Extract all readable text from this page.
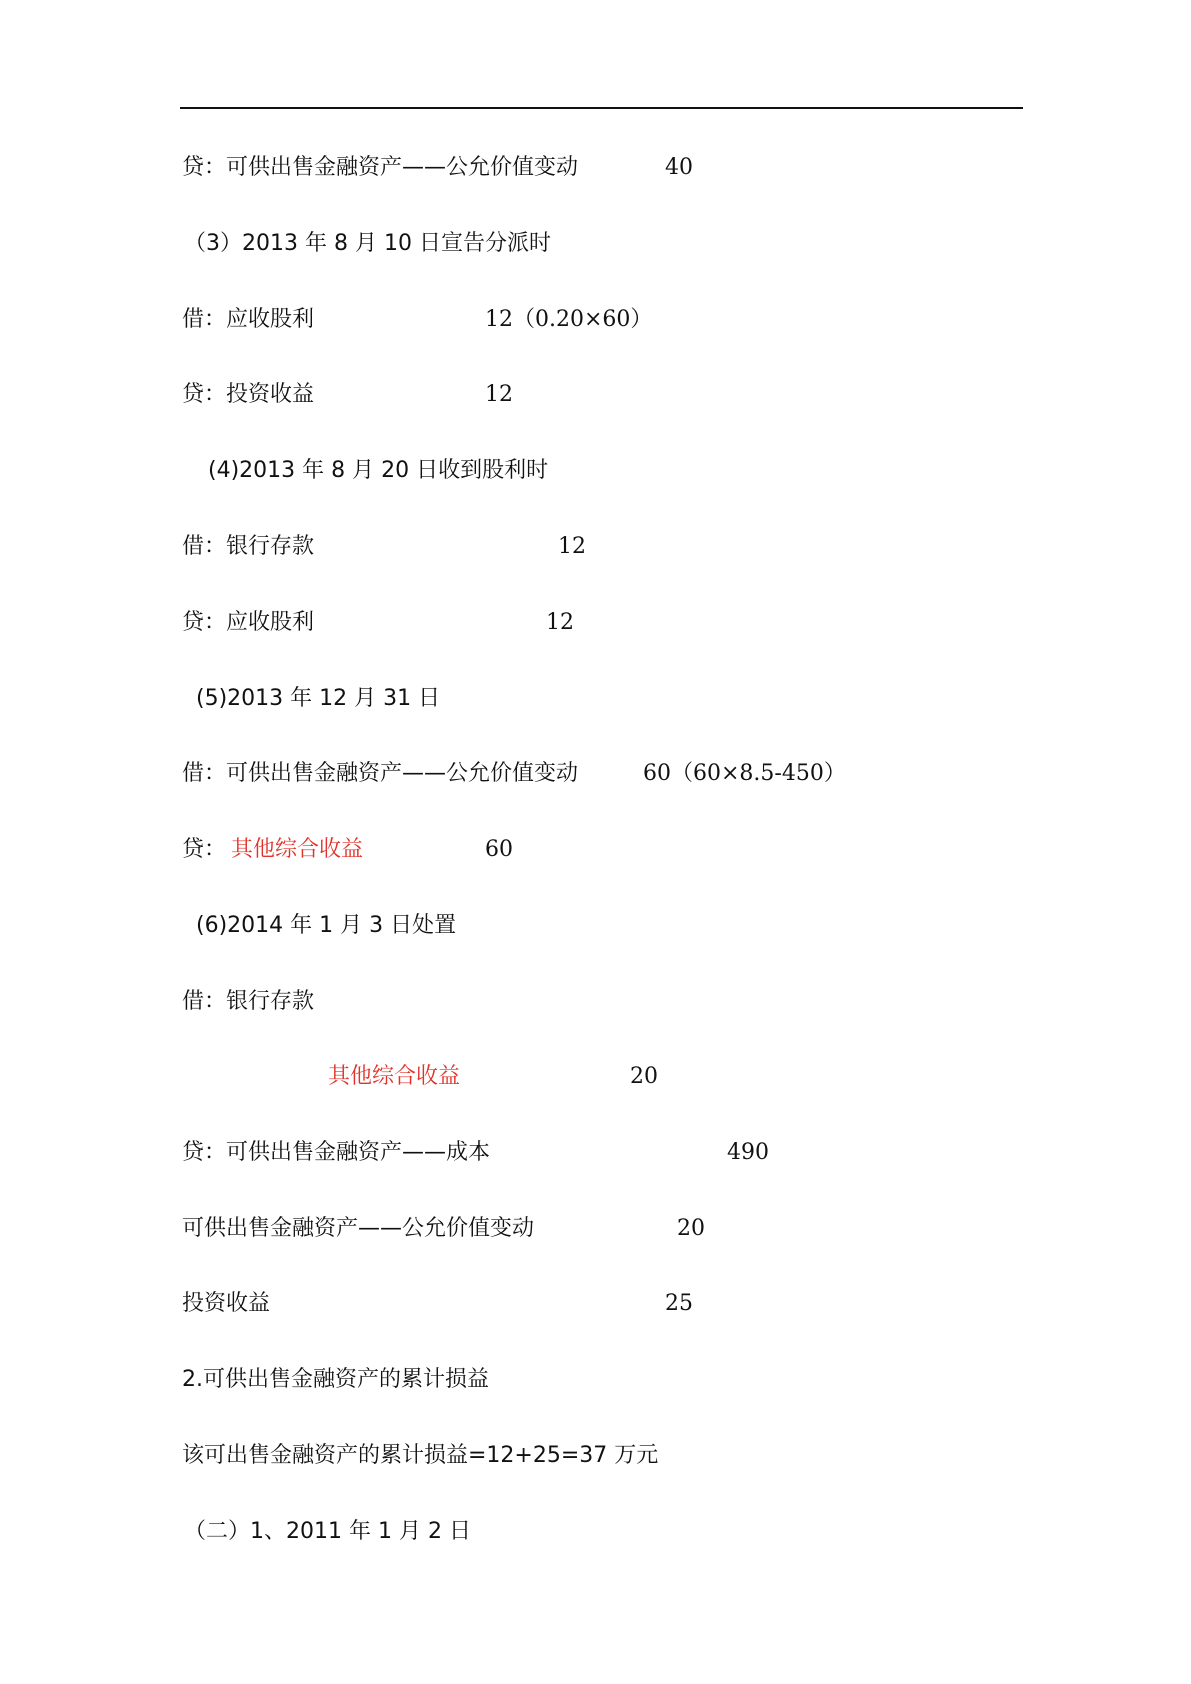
贷：可供出售金融资产——公允价值变动	40
（3）2013 年 8 月 10 日宣告分派时
借：应收股利	12（0.20×60）
贷：投资收益	12
(4)2013 年 8 月 20 日收到股利时
借：银行存款	12
贷：应收股利	12
(5)2013 年 12 月 31 日
借：可供出售金融资产——公允价值变动	60（60×8.5-450）
贷： 其他综合收益	60
(6)2014 年 1 月 3 日处置
借：银行存款
其他综合收益	20
贷：可供出售金融资产——成本	490
可供出售金融资产——公允价值变动	20
投资收益	25
2.可供出售金融资产的累计损益
该可出售金融资产的累计损益=12+25=37 万元
（二）1、2011 年 1 月 2 日
